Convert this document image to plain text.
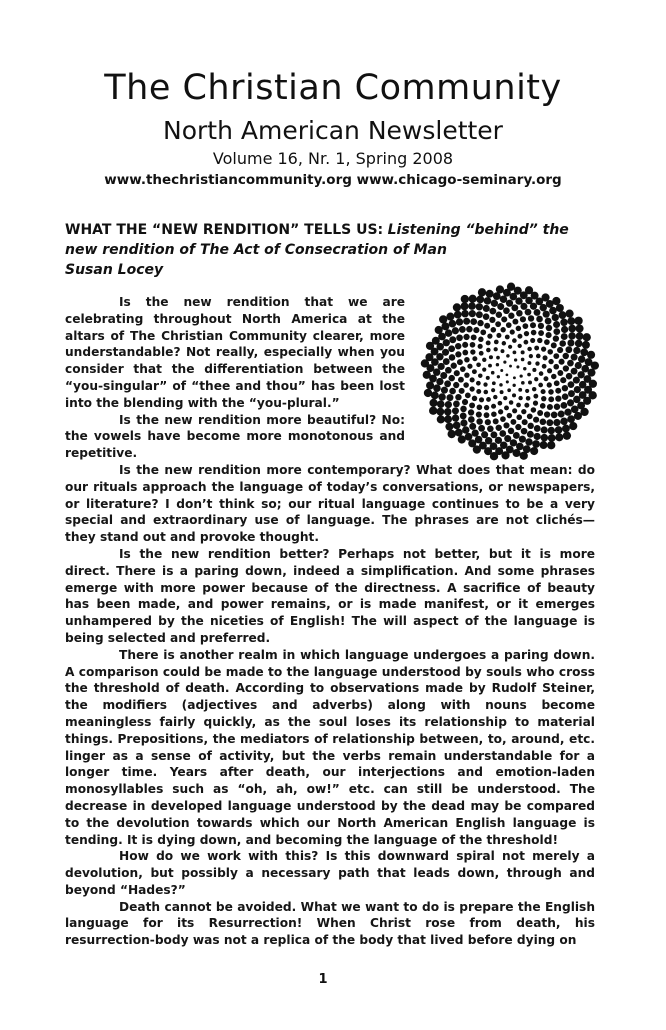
The Christian Community
North American Newsletter
Volume 16, Nr. 1, Spring 2008
www.thechristiancommunity.org www.chicago-seminary.org
WHAT THE “NEW RENDITION” TELLS US: Listening “behind” the new rendition of The Act of Consecration of Man
Susan Locey

Is the new rendition that we are celebrating throughout North America at the altars of The Christian Community clearer, more understandable? Not really, especially when you consider that the differentiation between the “you-singular” of “thee and thou” has been lost into the blending with the “you-plural.”

Is the new rendition more beautiful? No: the vowels have become more monotonous and repetitive.

Is the new rendition more contemporary? What does that mean: do our rituals approach the language of today’s conversations, or newspapers, or literature? I don’t think so; our ritual language continues to be a very special and extraordinary use of language. The phrases are not clichés—they stand out and provoke thought.

Is the new rendition better? Perhaps not better, but it is more direct. There is a paring down, indeed a simplification. And some phrases emerge with more power because of the directness. A sacrifice of beauty has been made, and power remains, or is made manifest, or it emerges unhampered by the niceties of English! The will aspect of the language is being selected and preferred.

There is another realm in which language undergoes a paring down. A comparison could be made to the language understood by souls who cross the threshold of death. According to observations made by Rudolf Steiner, the modifiers (adjectives and adverbs) along with nouns become meaningless fairly quickly, as the soul loses its relationship to material things. Prepositions, the mediators of relationship between, to, around, etc. linger as a sense of activity, but the verbs remain understandable for a longer time. Years after death, our interjections and emotion-laden monosyllables such as “oh, ah, ow!” etc. can still be understood. The decrease in developed language understood by the dead may be compared to the devolution towards which our North American English language is tending. It is dying down, and becoming the language of the threshold!

How do we work with this? Is this downward spiral not merely a devolution, but possibly a necessary path that leads down, through and beyond “Hades?”

Death cannot be avoided. What we want to do is prepare the English language for its Resurrection! When Christ rose from death, his resurrection-body was not a replica of the body that lived before dying on

1
